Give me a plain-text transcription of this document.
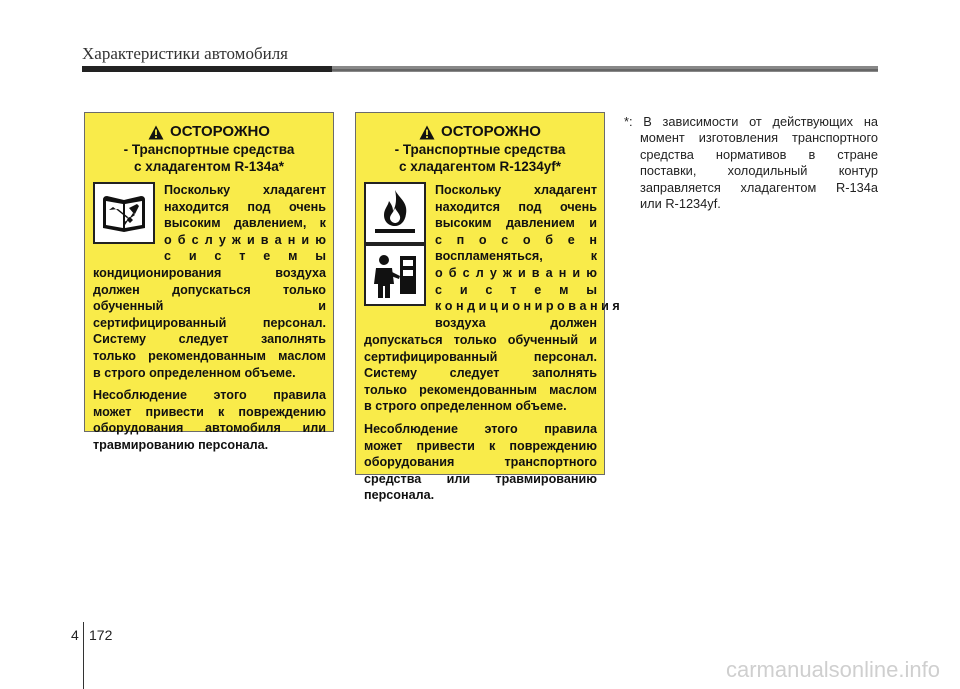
Характеристики автомобиля
ОСТОРОЖНО
- Транспортные средства
с хладагентом R-134a*
Поскольку хладагент
находится под очень
высоким давлением, к
о б с л у ж и в а н и ю
с и с т е м ы
кондиционирования воздуха
должен допускаться только
обученный и
сертифицированный персонал.
Систему следует заполнять
только рекомендованным маслом
в строго определенном объеме.
Несоблюдение этого правила
может привести к повреждению
оборудования автомобиля или
травмированию персонала.
ОСТОРОЖНО
- Транспортные средства
с хладагентом R-1234yf*
Поскольку хладагент
находится под очень
высоким давлением и
с п о с о б е н
воспламеняться, к
о б с л у ж и в а н и ю
с и с т е м ы
к о н д и ц и о н и р о в а н и я
воздуха должен
допускаться только обученный и
сертифицированный персонал.
Систему следует заполнять
только рекомендованным маслом
в строго определенном объеме.
Несоблюдение этого правила
может привести к повреждению
оборудования транспортного
средства или травмированию
персонала.
*: В зависимости от действующих на
момент изготовления транспортного
средства нормативов в стране
поставки, холодильный контур
заправляется хладагентом R-134a
или R-1234yf.
4 172
carmanualsonline.info
